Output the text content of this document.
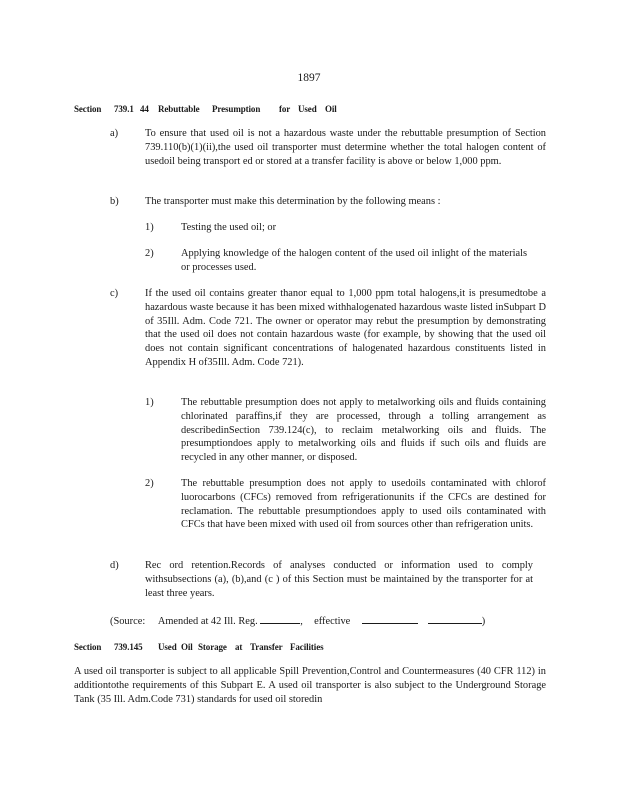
1897
Section 739.1 44 Rebuttable Presumption for Used Oil
a)	To ensure that used oil is not a hazardous waste under the rebuttable presumption of Section 739.110(b)(1)(ii),the used oil transporter must determine whether the total halogen content of usedoil being transport ed or stored at a transfer facility is above or below 1,000 ppm.
b)	The transporter must make this determination by the following means :
1)	Testing the used oil; or
2)	Applying knowledge of the halogen content of the used oil inlight of the materials or processes used.
c)	If the used oil contains greater thanor equal to 1,000 ppm total halogens,it is presumedtobe a hazardous waste because it has been mixed withhalogenated hazardous waste listed inSubpart D of 35Ill. Adm. Code 721. The owner or operator may rebut the presumption by demonstrating that the used oil does not contain hazardous waste (for example, by showing that the used oil does not contain significant concentrations of halogenated hazardous constituents listed in Appendix H of35Ill. Adm. Code 721).
1)	The rebuttable presumption does not apply to metalworking oils and fluids containing chlorinated paraffins,if they are processed, through a tolling arrangement as describedinSection 739.124(c), to reclaim metalworking oils and fluids. The presumptiondoes apply to metalworking oils and fluids if such oils and fluids are recycled in any other manner, or disposed.
2)	The rebuttable presumption does not apply to usedoils contaminated with chlorof luorocarbons (CFCs) removed from refrigerationunits if the CFCs are destined for reclamation. The rebuttable presumptiondoes apply to used oils contaminated with CFCs that have been mixed with used oil from sources other than refrigeration units.
d)	Rec ord retention.Records of analyses conducted or information used to comply withsubsections (a), (b),and (c ) of this Section must be maintained by the transporter for at least three years.
(Source: Amended at 42 Ill. Reg.	, effective	)
Section 739.145 Used Oil Storage at Transfer Facilities
A used oil transporter is subject to all applicable Spill Prevention,Control and Countermeasures (40 CFR 112) in additiontothe requirements of this Subpart E. A used oil transporter is also subject to the Underground Storage Tank (35 Ill. Adm.Code 731) standards for used oil storedin
